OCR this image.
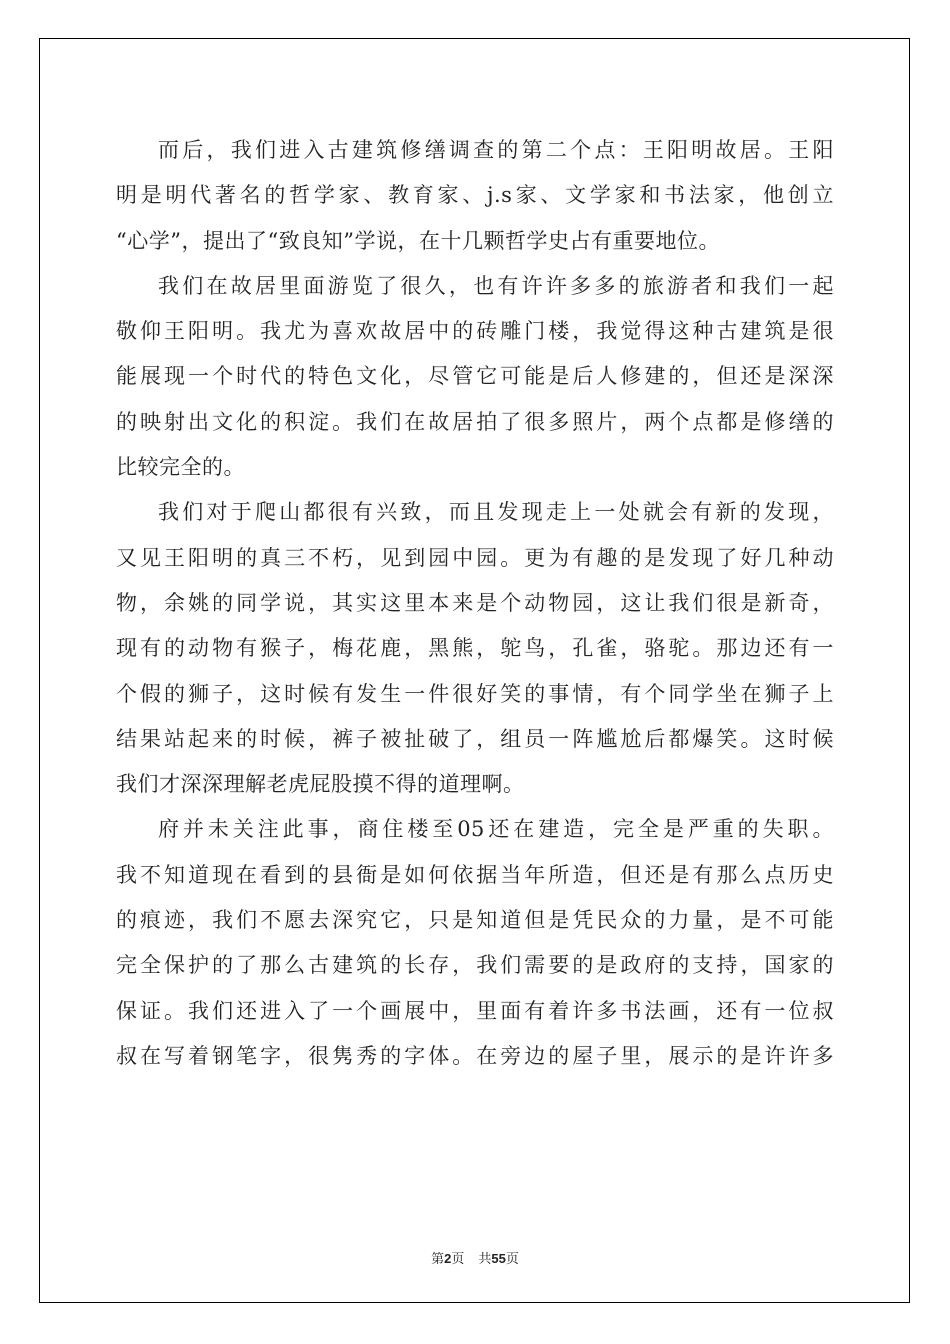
而后，我们进入古建筑修缮调查的第二个点：王阳明故居。王阳
明是明代著名的哲学家、教育家、j.s家、文学家和书法家，他创立
“心学”，提出了“致良知”学说，在十几颗哲学史占有重要地位。

我们在故居里面游览了很久，也有许许多多的旅游者和我们一起
敬仰王阳明。我尤为喜欢故居中的砖雕门楼，我觉得这种古建筑是很
能展现一个时代的特色文化，尽管它可能是后人修建的，但还是深深
的映射出文化的积淀。我们在故居拍了很多照片，两个点都是修缮的
比较完全的。

我们对于爬山都很有兴致，而且发现走上一处就会有新的发现，
又见王阳明的真三不朽，见到园中园。更为有趣的是发现了好几种动
物，余姚的同学说，其实这里本来是个动物园，这让我们很是新奇，
现有的动物有猴子，梅花鹿，黑熊，鸵鸟，孔雀，骆驼。那边还有一
个假的狮子，这时候有发生一件很好笑的事情，有个同学坐在狮子上
结果站起来的时候，裤子被扯破了，组员一阵尴尬后都爆笑。这时候
我们才深深理解老虎屁股摸不得的道理啊。

府并未关注此事，商住楼至05还在建造，完全是严重的失职。
我不知道现在看到的县衙是如何依据当年所造，但还是有那么点历史
的痕迹，我们不愿去深究它，只是知道但是凭民众的力量，是不可能
完全保护的了那么古建筑的长存，我们需要的是政府的支持，国家的
保证。我们还进入了一个画展中，里面有着许多书法画，还有一位叔
叔在写着钢笔字，很隽秀的字体。在旁边的屋子里，展示的是许许多

第2页 共55页
